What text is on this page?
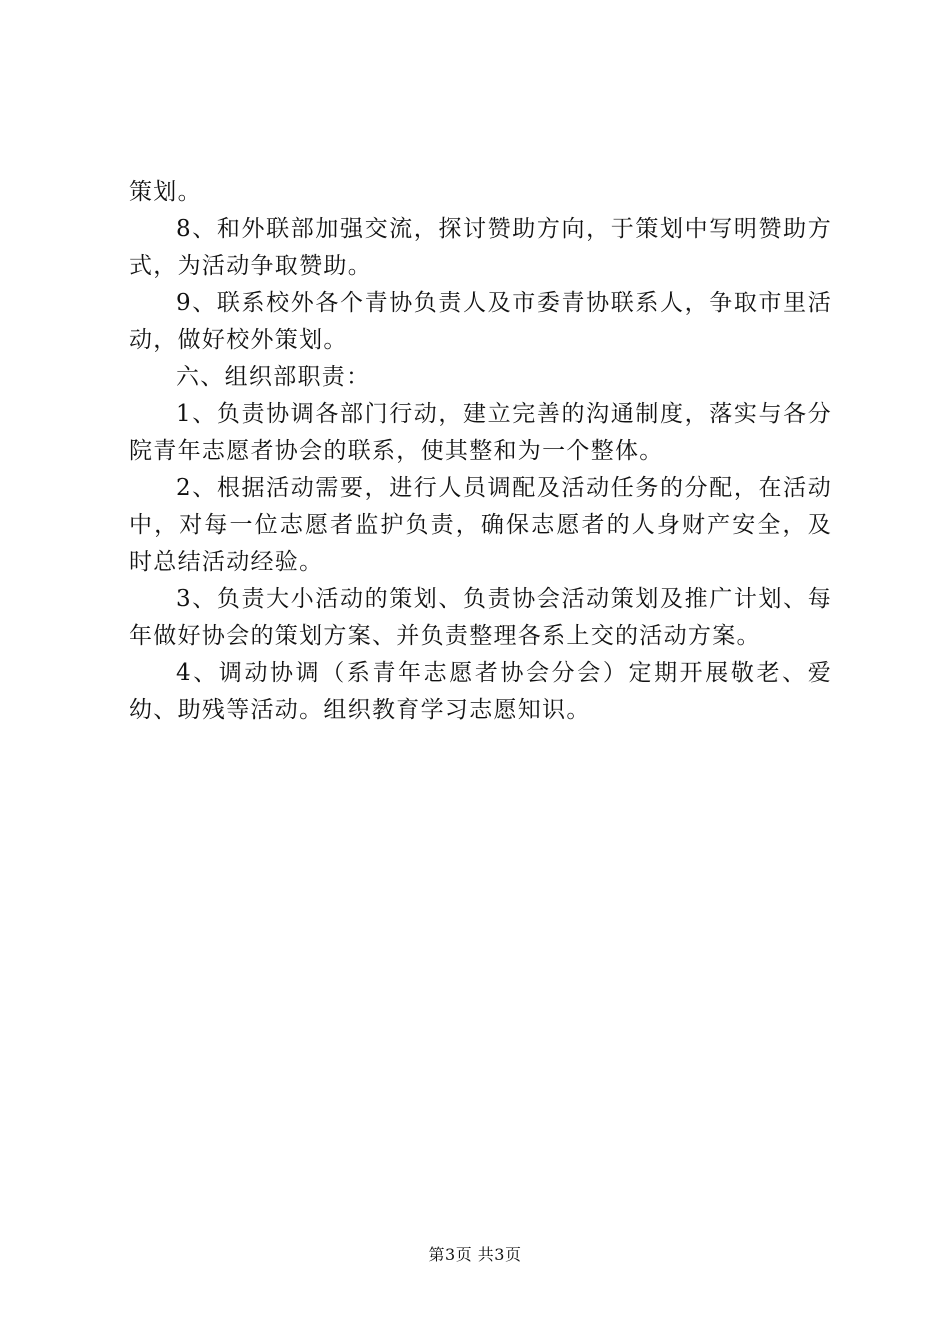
策划。

8、和外联部加强交流，探讨赞助方向，于策划中写明赞助方式，为活动争取赞助。

9、联系校外各个青协负责人及市委青协联系人，争取市里活动，做好校外策划。

六、组织部职责：

1、负责协调各部门行动，建立完善的沟通制度，落实与各分院青年志愿者协会的联系，使其整和为一个整体。

2、根据活动需要，进行人员调配及活动任务的分配，在活动中，对每一位志愿者监护负责，确保志愿者的人身财产安全，及时总结活动经验。

3、负责大小活动的策划、负责协会活动策划及推广计划、每年做好协会的策划方案、并负责整理各系上交的活动方案。

4、调动协调（系青年志愿者协会分会）定期开展敬老、爱幼、助残等活动。组织教育学习志愿知识。

第3页 共3页
